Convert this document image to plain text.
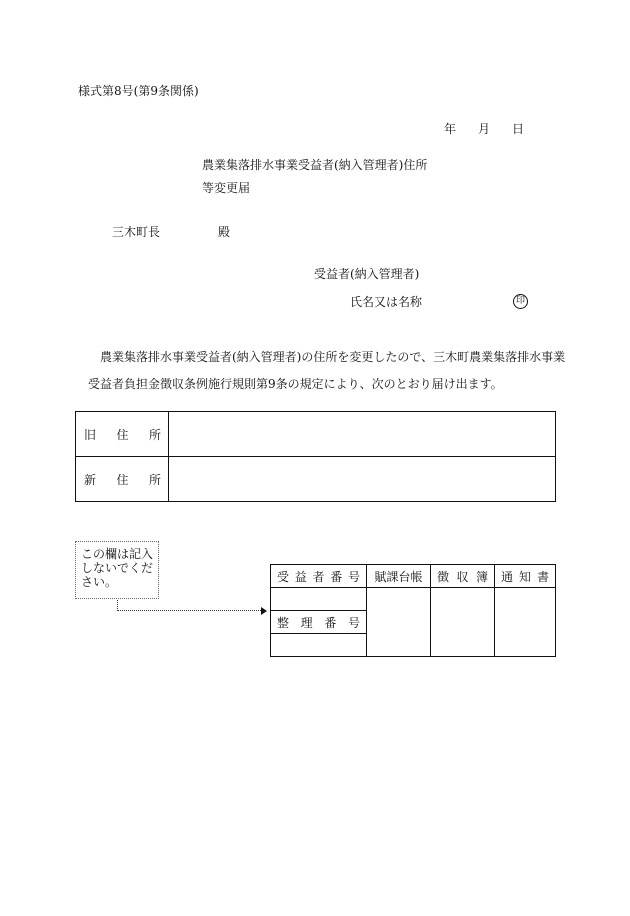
様式第8号(第9条関係)
年 月 日
農業集落排水事業受益者(納入管理者)住所
等変更届
三木町長	殿
受益者(納入管理者)
氏名又は名称	印
農業集落排水事業受益者(納入管理者)の住所を変更したので、三木町農業集落排水事業受益者負担金徴収条例施行規則第9条の規定により、次のとおり届け出ます。
旧 住 所	

新 住 所	

この欄は記入しないでください。	受 益 者 番 号	賦課台帳	徴 収 簿	通 知 書

整 理 番 号			
